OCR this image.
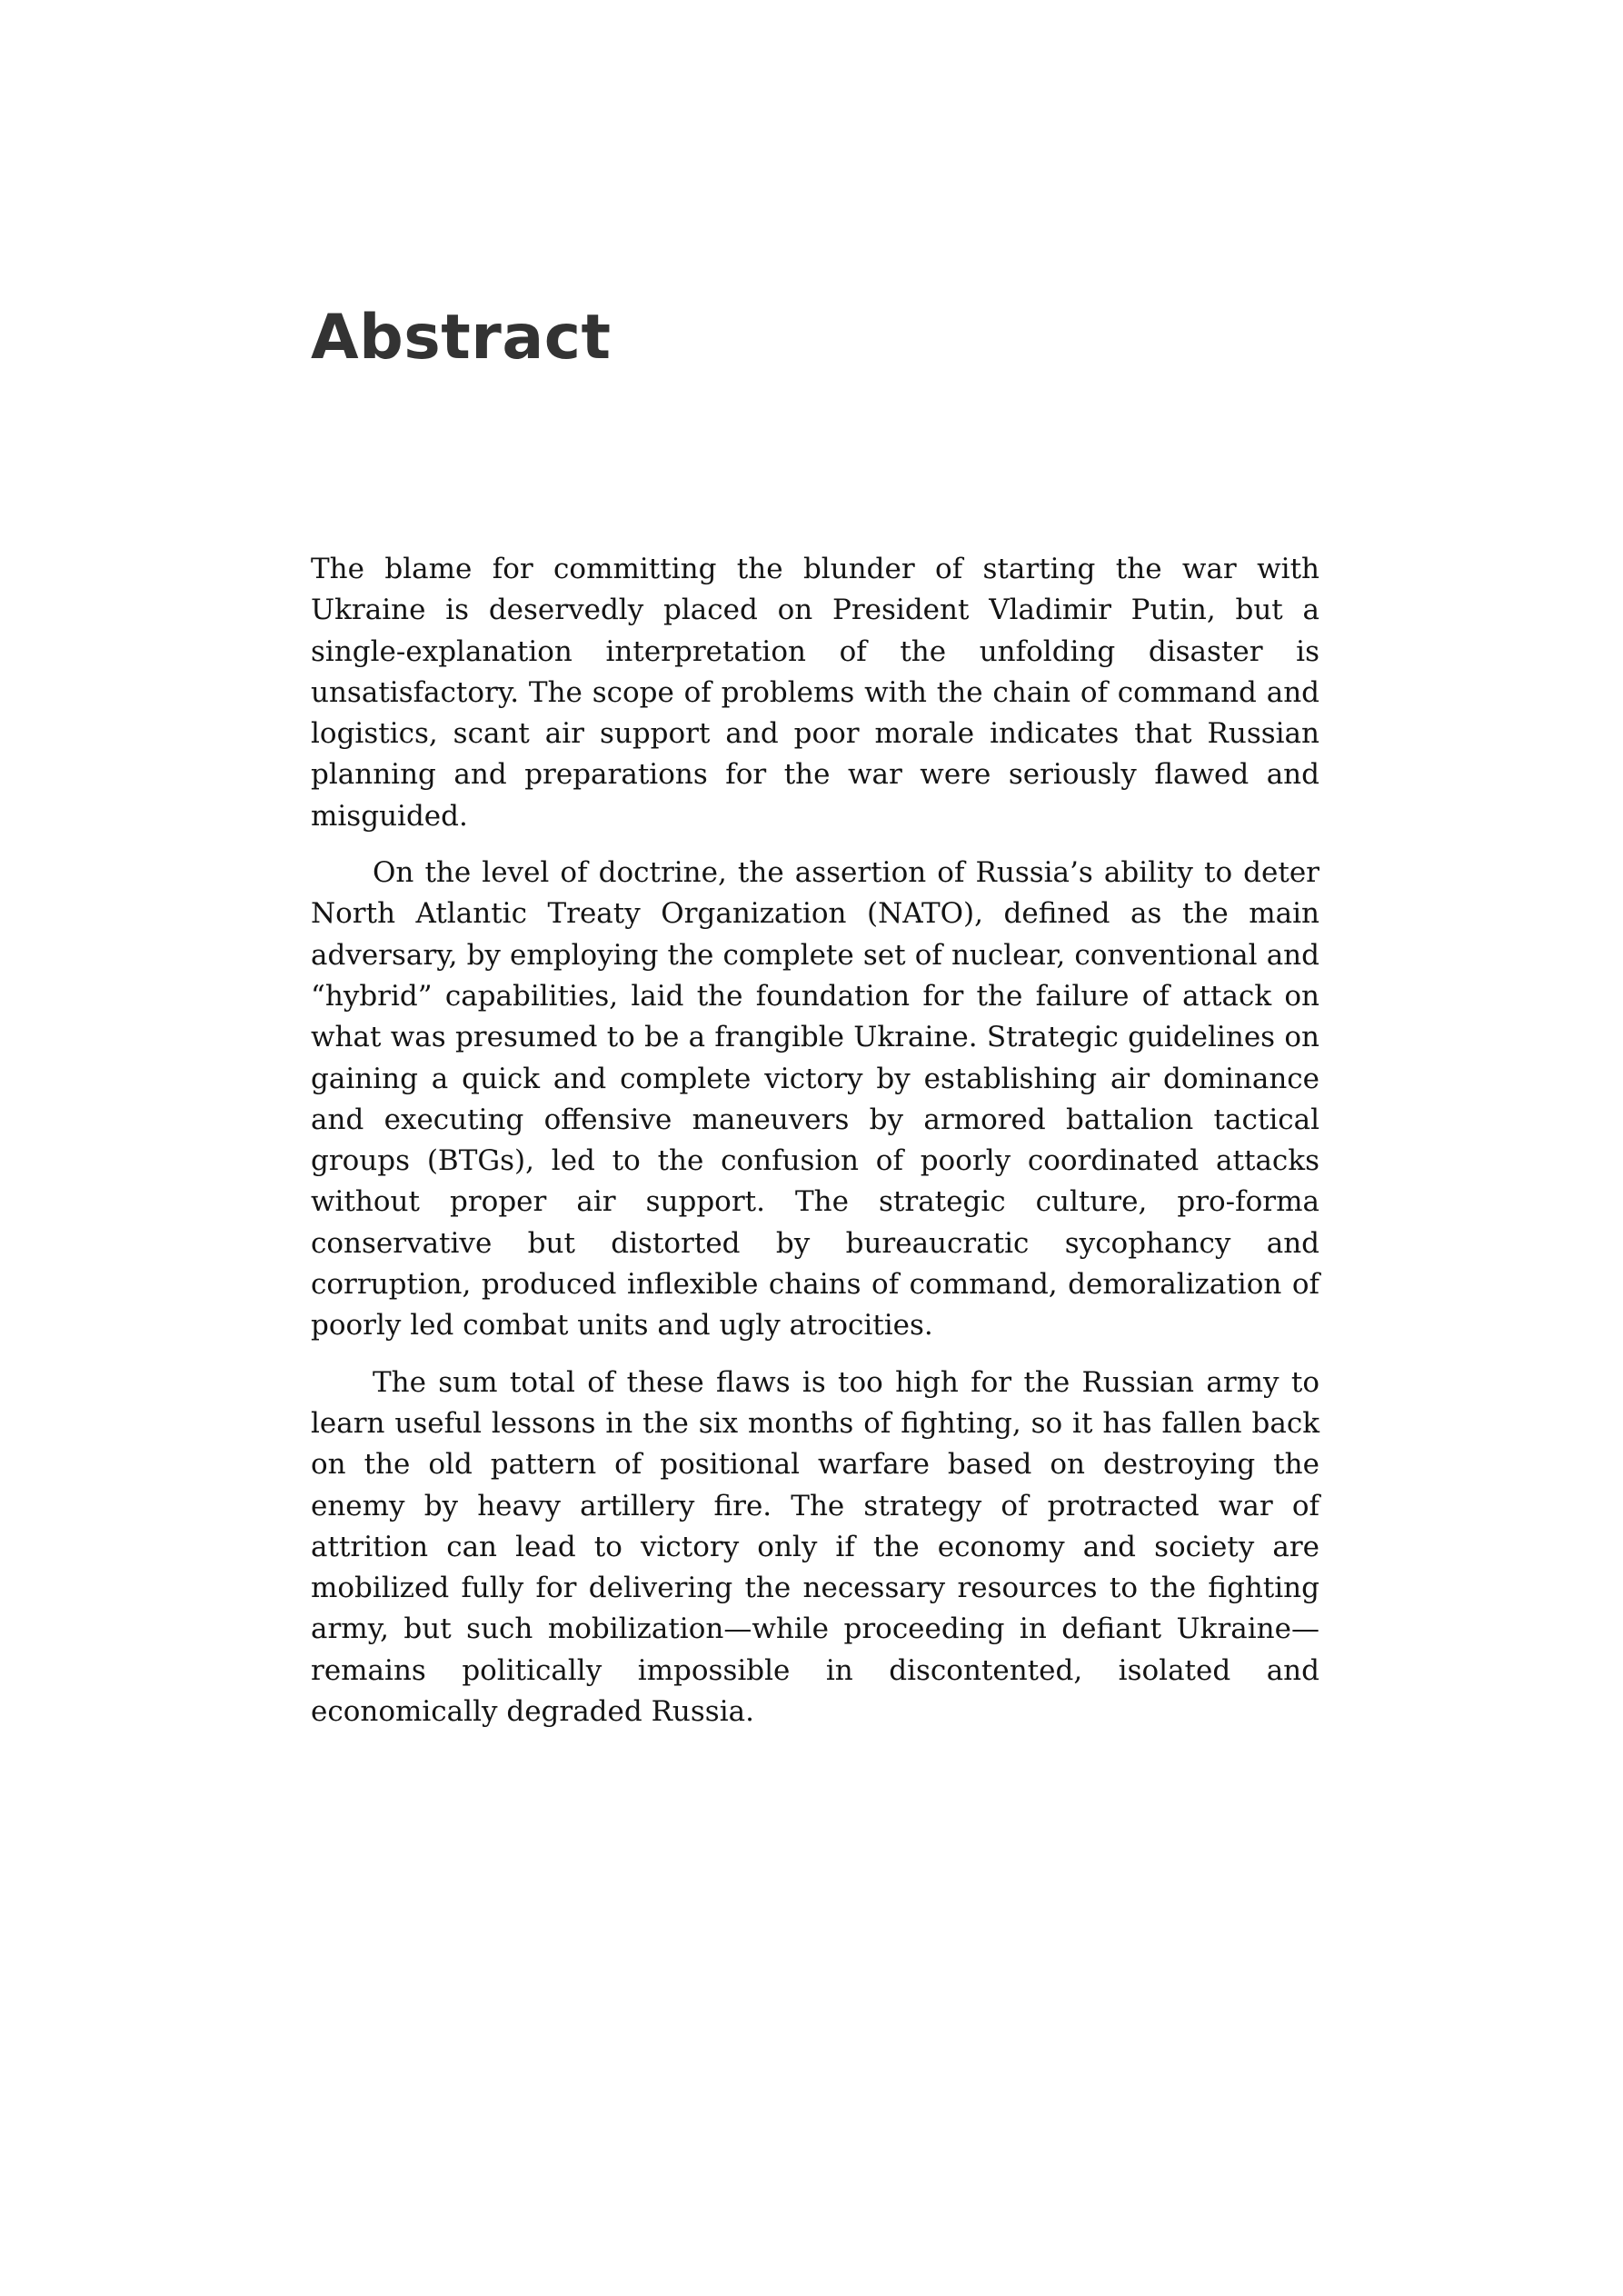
Abstract

The blame for committing the blunder of starting the war with Ukraine is deservedly placed on President Vladimir Putin, but a single-explanation interpretation of the unfolding disaster is unsatisfactory. The scope of problems with the chain of command and logistics, scant air support and poor morale indicates that Russian planning and preparations for the war were seriously flawed and misguided.

On the level of doctrine, the assertion of Russia’s ability to deter North Atlantic Treaty Organization (NATO), defined as the main adversary, by employing the complete set of nuclear, conventional and “hybrid” capabilities, laid the foundation for the failure of attack on what was presumed to be a frangible Ukraine. Strategic guidelines on gaining a quick and complete victory by establishing air dominance and executing offensive maneuvers by armored battalion tactical groups (BTGs), led to the confusion of poorly coordinated attacks without proper air support. The strategic culture, pro-forma conservative but distorted by bureaucratic sycophancy and corruption, produced inflexible chains of command, demoralization of poorly led combat units and ugly atrocities.

The sum total of these flaws is too high for the Russian army to learn useful lessons in the six months of fighting, so it has fallen back on the old pattern of positional warfare based on destroying the enemy by heavy artillery fire. The strategy of protracted war of attrition can lead to victory only if the economy and society are mobilized fully for delivering the necessary resources to the fighting army, but such mobilization—while proceeding in defiant Ukraine—remains politically impossible in discontented, isolated and economically degraded Russia.
